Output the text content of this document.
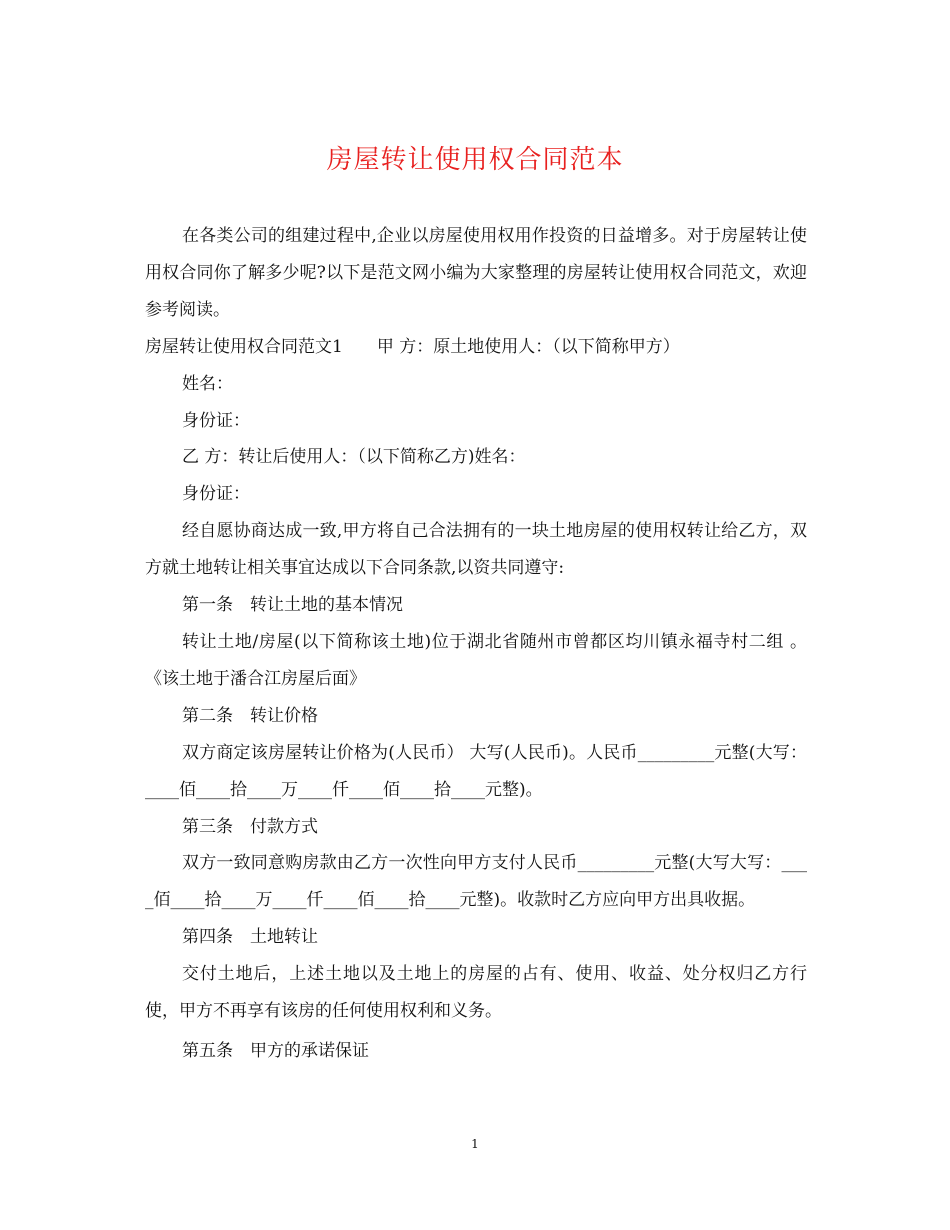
房屋转让使用权合同范本

在各类公司的组建过程中,企业以房屋使用权用作投资的日益增多。对于房屋转让使用权合同你了解多少呢?以下是范文网小编为大家整理的房屋转让使用权合同范文，欢迎参考阅读。

房屋转让使用权合同范文1　　甲 方：原土地使用人：（以下简称甲方）

姓名：

身份证：

乙 方：转让后使用人：（以下简称乙方)姓名：

身份证：

经自愿协商达成一致,甲方将自己合法拥有的一块土地房屋的使用权转让给乙方，双方就土地转让相关事宜达成以下合同条款,以资共同遵守:

第一条　转让土地的基本情况

转让土地/房屋(以下简称该土地)位于湖北省随州市曾都区均川镇永福寺村二组 。《该土地于潘合江房屋后面》

第二条　转让价格

双方商定该房屋转让价格为(人民币） 大写(人民币)。人民币_________元整(大写：____佰____拾____万____仟____佰____拾____元整)。

第三条　付款方式

双方一致同意购房款由乙方一次性向甲方支付人民币_________元整(大写大写：____佰____拾____万____仟____佰____拾____元整)。收款时乙方应向甲方出具收据。

第四条　土地转让

交付土地后，上述土地以及土地上的房屋的占有、使用、收益、处分权归乙方行使，甲方不再享有该房的任何使用权利和义务。

第五条　甲方的承诺保证

1
